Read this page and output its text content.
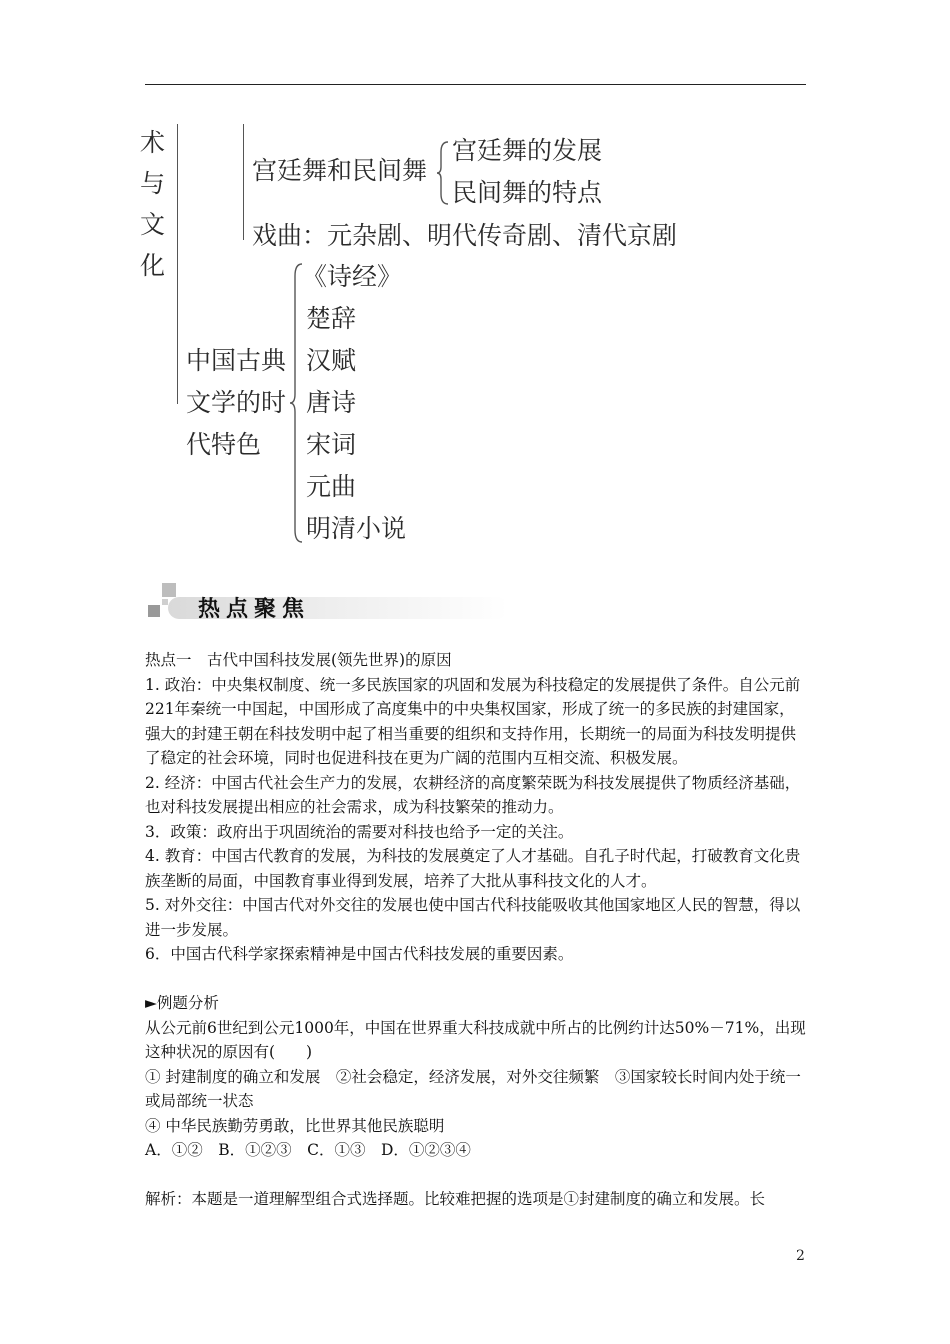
术
与
文
化
宫廷舞和民间舞
宫廷舞的发展
民间舞的特点
戏曲：元杂剧、明代传奇剧、清代京剧
中国古典
文学的时
代特色
《诗经》
楚辞
汉赋
唐诗
宋词
元曲
明清小说
热点聚焦

热点一　古代中国科技发展(领先世界)的原因

1. 政治：中央集权制度、统一多民族国家的巩固和发展为科技稳定的发展提供了条件。自公元前221年秦统一中国起，中国形成了高度集中的中央集权国家，形成了统一的多民族的封建国家，强大的封建王朝在科技发明中起了相当重要的组织和支持作用，长期统一的局面为科技发明提供了稳定的社会环境，同时也促进科技在更为广阔的范围内互相交流、积极发展。

2. 经济：中国古代社会生产力的发展，农耕经济的高度繁荣既为科技发展提供了物质经济基础，也对科技发展提出相应的社会需求，成为科技繁荣的推动力。

3．政策：政府出于巩固统治的需要对科技也给予一定的关注。

4. 教育：中国古代教育的发展，为科技的发展奠定了人才基础。自孔子时代起，打破教育文化贵族垄断的局面，中国教育事业得到发展，培养了大批从事科技文化的人才。

5. 对外交往：中国古代对外交往的发展也使中国古代科技能吸收其他国家地区人民的智慧，得以进一步发展。

6．中国古代科学家探索精神是中国古代科技发展的重要因素。

►例题分析

从公元前6世纪到公元1000年，中国在世界重大科技成就中所占的比例约计达50%－71%，出现这种状况的原因有(　　)

① 封建制度的确立和发展　②社会稳定，经济发展，对外交往频繁　③国家较长时间内处于统一或局部统一状态

④ 中华民族勤劳勇敢，比世界其他民族聪明

A．①②　B．①②③　C．①③　D．①②③④

解析：本题是一道理解型组合式选择题。比较难把握的选项是①封建制度的确立和发展。长

2
